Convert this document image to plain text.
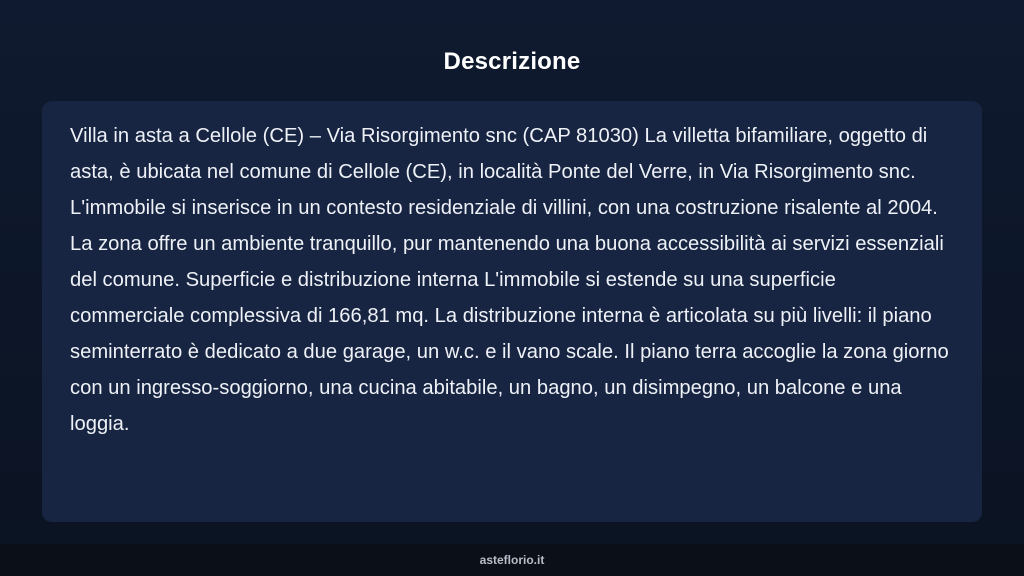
Descrizione

Villa in asta a Cellole (CE) – Via Risorgimento snc (CAP 81030) La villetta bifamiliare, oggetto di asta, è ubicata nel comune di Cellole (CE), in località Ponte del Verre, in Via Risorgimento snc. L'immobile si inserisce in un contesto residenziale di villini, con una costruzione risalente al 2004. La zona offre un ambiente tranquillo, pur mantenendo una buona accessibilità ai servizi essenziali del comune. Superficie e distribuzione interna L'immobile si estende su una superficie commerciale complessiva di 166,81 mq. La distribuzione interna è articolata su più livelli: il piano seminterrato è dedicato a due garage, un w.c. e il vano scale. Il piano terra accoglie la zona giorno con un ingresso-soggiorno, una cucina abitabile, un bagno, un disimpegno, un balcone e una loggia.

asteflorio.it
